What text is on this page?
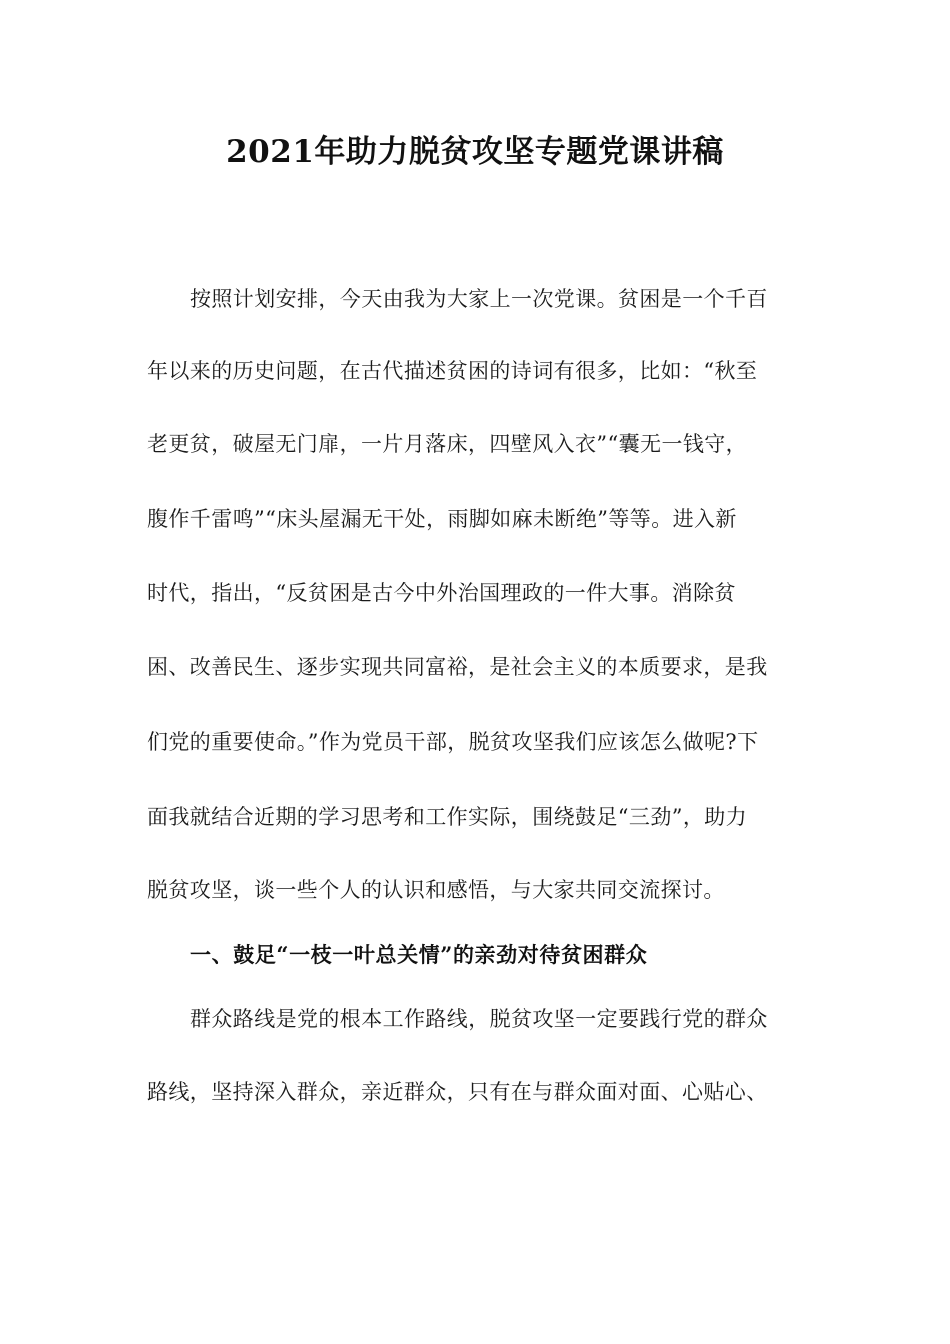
2021年助力脱贫攻坚专题党课讲稿
按照计划安排，今天由我为大家上一次党课。贫困是一个千百
年以来的历史问题，在古代描述贫困的诗词有很多，比如：“秋至
老更贫，破屋无门扉，一片月落床，四壁风入衣”“囊无一钱守，
腹作千雷鸣”“床头屋漏无干处，雨脚如麻未断绝”等等。进入新
时代，指出，“反贫困是古今中外治国理政的一件大事。消除贫
困、改善民生、逐步实现共同富裕，是社会主义的本质要求，是我
们党的重要使命。”作为党员干部，脱贫攻坚我们应该怎么做呢?下
面我就结合近期的学习思考和工作实际，围绕鼓足“三劲”，助力
脱贫攻坚，谈一些个人的认识和感悟，与大家共同交流探讨。
一、鼓足“一枝一叶总关情”的亲劲对待贫困群众
群众路线是党的根本工作路线，脱贫攻坚一定要践行党的群众
路线，坚持深入群众，亲近群众，只有在与群众面对面、心贴心、
